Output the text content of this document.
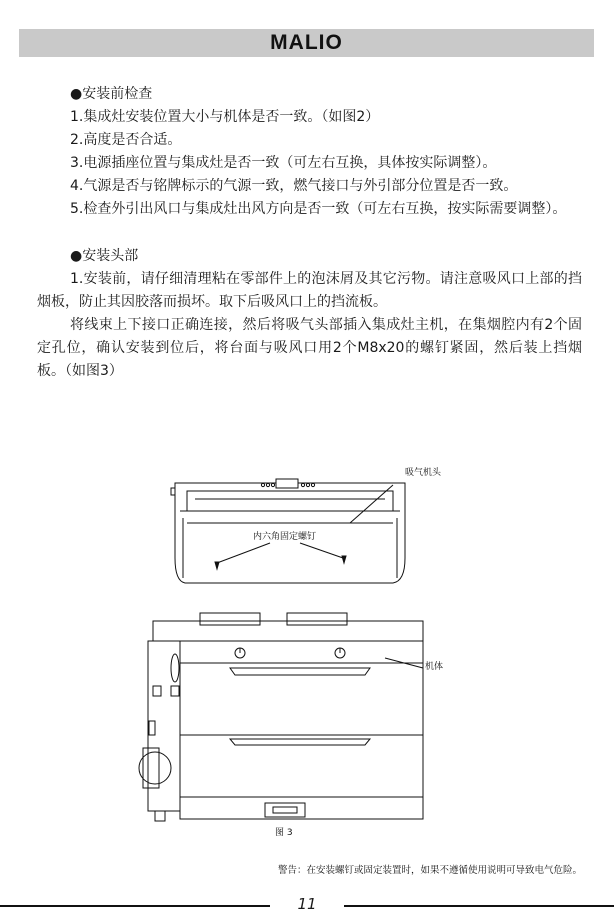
MALIO

●安装前检查

1.集成灶安装位置大小与机体是否一致。（如图2）

2.高度是否合适。

3.电源插座位置与集成灶是否一致（可左右互换，具体按实际调整）。

4.气源是否与铭牌标示的气源一致，燃气接口与外引部分位置是否一致。

5.检查外引出风口与集成灶出风方向是否一致（可左右互换，按实际需要调整）。

●安装头部

1.安装前，请仔细清理粘在零部件上的泡沫屑及其它污物。请注意吸风口上部的挡烟板，防止其因胶落而损坏。取下后吸风口上的挡流板。

将线束上下接口正确连接，然后将吸气头部插入集成灶主机，在集烟腔内有2个固定孔位，确认安装到位后，将台面与吸风口用2个M8x20的螺钉紧固，然后装上挡烟板。（如图3）

吸气机头
内六角固定螺钉
机体
图 3
警告：在安装螺钉或固定装置时，如果不遵循使用说明可导致电气危险。
11
